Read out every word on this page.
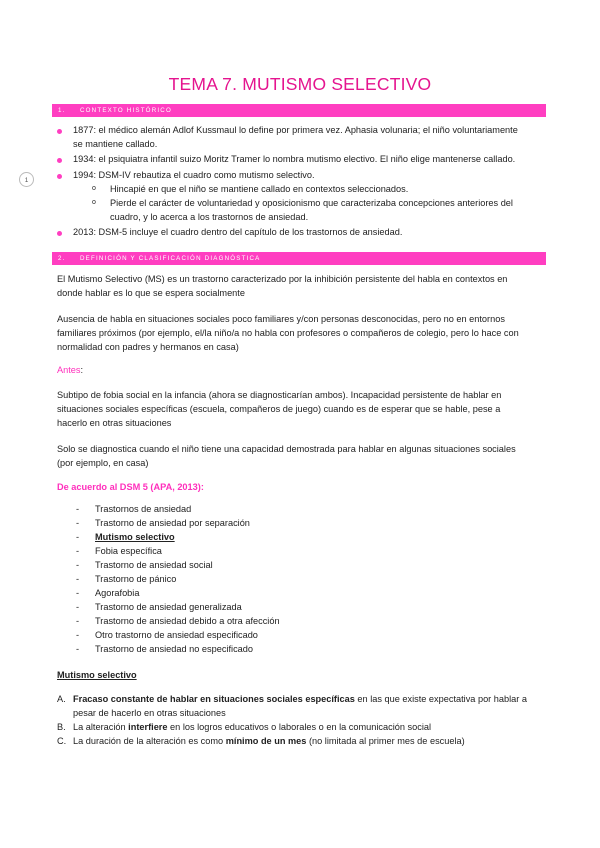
TEMA 7. MUTISMO SELECTIVO
1. CONTEXTO HISTÓRICO
1877: el médico alemán Adlof Kussmaul lo define por primera vez. Aphasia volunaria; el niño voluntariamente
se mantiene callado.
1934: el psiquiatra infantil suizo Moritz Tramer lo nombra mutismo electivo. El niño elige mantenerse callado.
1
1994: DSM-IV rebautiza el cuadro como mutismo selectivo.
o Hincapié en que el niño se mantiene callado en contextos seleccionados.
o Pierde el carácter de voluntariedad y oposicionismo que caracterizaba concepciones anteriores del
cuadro, y lo acerca a los trastornos de ansiedad.
2013: DSM-5 incluye el cuadro dentro del capítulo de los trastornos de ansiedad.
2. DEFINICIÓN Y CLASIFICACIÓN DIAGNÓSTICA
El Mutismo Selectivo (MS) es un trastorno caracterizado por la inhibición persistente del habla en contextos en
donde hablar es lo que se espera socialmente
Ausencia de habla en situaciones sociales poco familiares y/con personas desconocidas, pero no en entornos
familiares próximos (por ejemplo, el/la niño/a no habla con profesores o compañeros de colegio, pero lo hace con
normalidad con padres y hermanos en casa)
Antes:
Subtipo de fobia social en la infancia (ahora se diagnosticarían ambos). Incapacidad persistente de hablar en
situaciones sociales específicas (escuela, compañeros de juego) cuando es de esperar que se hable, pese a
hacerlo en otras situaciones
Solo se diagnostica cuando el niño tiene una capacidad demostrada para hablar en algunas situaciones sociales
(por ejemplo, en casa)
De acuerdo al DSM 5 (APA, 2013):
- Trastornos de ansiedad
- Trastorno de ansiedad por separación
- Mutismo selectivo
- Fobia específica
- Trastorno de ansiedad social
- Trastorno de pánico
- Agorafobia
- Trastorno de ansiedad generalizada
- Trastorno de ansiedad debido a otra afección
- Otro trastorno de ansiedad especificado
- Trastorno de ansiedad no especificado
Mutismo selectivo
A. Fracaso constante de hablar en situaciones sociales específicas en las que existe expectativa por hablar a
pesar de hacerlo en otras situaciones
B. La alteración interfiere en los logros educativos o laborales o en la comunicación social
C. La duración de la alteración es como mínimo de un mes (no limitada al primer mes de escuela)
